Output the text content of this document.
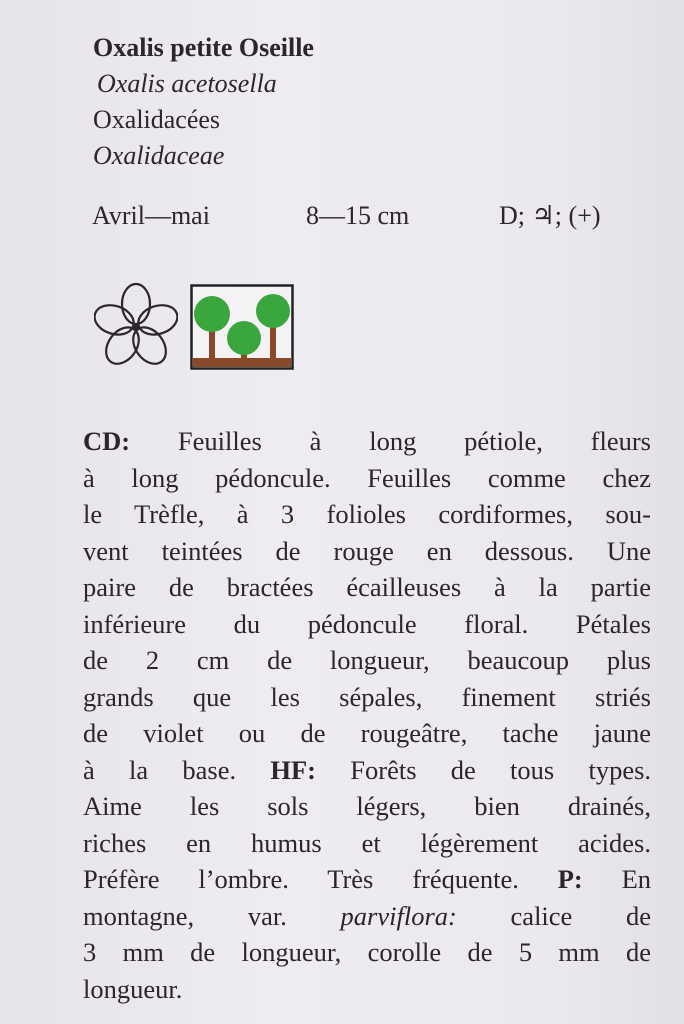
Oxalis petite Oseille
Oxalis acetosella
Oxalidacées
Oxalidaceae
Avril—mai	8—15 cm	D; ♃; (+)
CD: Feuilles à long pétiole, fleurs
à long pédoncule. Feuilles comme chez
le Trèfle, à 3 folioles cordiformes, sou-
vent teintées de rouge en dessous. Une
paire de bractées écailleuses à la partie
inférieure du pédoncule floral. Pétales
de 2 cm de longueur, beaucoup plus
grands que les sépales, finement striés
de violet ou de rougeâtre, tache jaune
à la base. HF: Forêts de tous types.
Aime les sols légers, bien drainés,
riches en humus et légèrement acides.
Préfère l’ombre. Très fréquente. P: En
montagne, var. parviflora: calice de
3 mm de longueur, corolle de 5 mm de
longueur.
